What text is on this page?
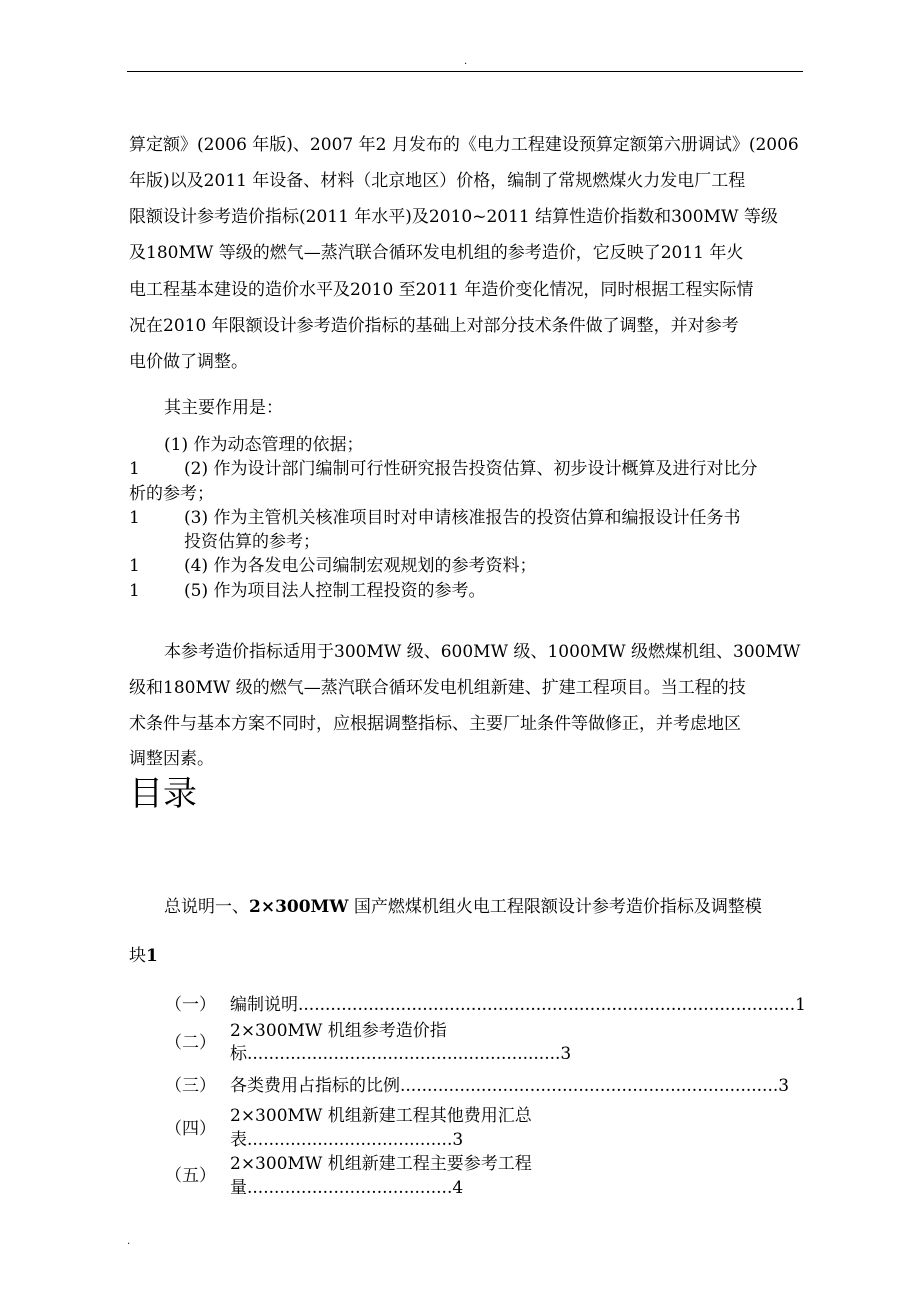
.
算定额》(2006 年版)、2007 年2 月发布的《电力工程建设预算定额第六册调试》(2006
年版)以及2011 年设备、材料（北京地区）价格，编制了常规燃煤火力发电厂工程
限额设计参考造价指标(2011 年水平)及2010~2011 结算性造价指数和300MW 等级
及180MW 等级的燃气—蒸汽联合循环发电机组的参考造价，它反映了2011 年火
电工程基本建设的造价水平及2010 至2011 年造价变化情况，同时根据工程实际情
况在2010 年限额设计参考造价指标的基础上对部分技术条件做了调整，并对参考
电价做了调整。
其主要作用是：
(1) 作为动态管理的依据；
1	(2) 作为设计部门编制可行性研究报告投资估算、初步设计概算及进行对比分
析的参考；
1	(3) 作为主管机关核准项目时对申请核准报告的投资估算和编报设计任务书
投资估算的参考；
1	(4) 作为各发电公司编制宏观规划的参考资料；
1	(5) 作为项目法人控制工程投资的参考。
本参考造价指标适用于300MW 级、600MW 级、1000MW 级燃煤机组、300MW
级和180MW 级的燃气—蒸汽联合循环发电机组新建、扩建工程项目。当工程的技
术条件与基本方案不同时，应根据调整指标、主要厂址条件等做修正，并考虑地区
调整因素。
目录
总说明一、2×300MW 国产燃煤机组火电工程限额设计参考造价指标及调整模
块1
（一） 编制说明............................................................................................1
（二）
2×300MW 机组参考造价指
标..........................................................3
（三） 各类费用占指标的比例......................................................................3
（四）
2×300MW 机组新建工程其他费用汇总
表......................................3
（五）
2×300MW 机组新建工程主要参考工程
量......................................4
.
